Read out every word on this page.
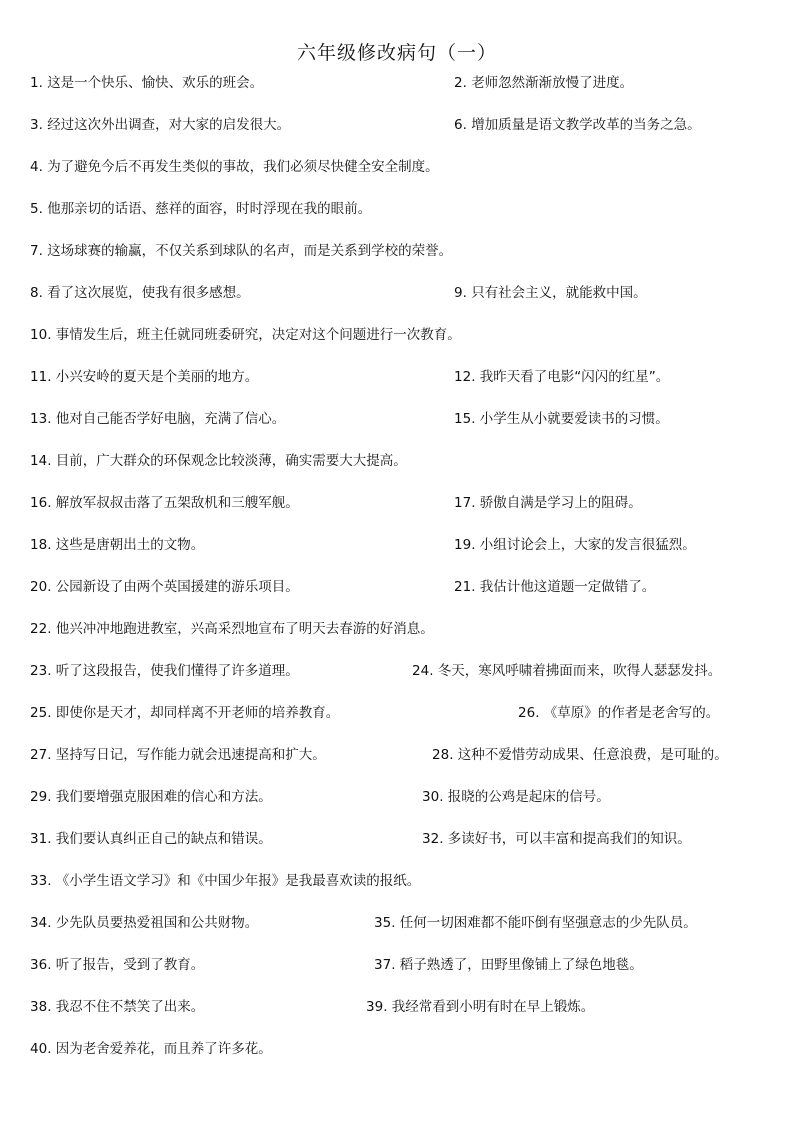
六年级修改病句（一）
1. 这是一个快乐、愉快、欢乐的班会。	2. 老师忽然渐渐放慢了进度。
3. 经过这次外出调查，对大家的启发很大。	6. 增加质量是语文教学改革的当务之急。
4. 为了避免今后不再发生类似的事故，我们必须尽快健全安全制度。
5. 他那亲切的话语、慈祥的面容，时时浮现在我的眼前。
7. 这场球赛的输赢，不仅关系到球队的名声，而是关系到学校的荣誉。
8. 看了这次展览，使我有很多感想。	9. 只有社会主义，就能救中国。
10. 事情发生后，班主任就同班委研究，决定对这个问题进行一次教育。
11. 小兴安岭的夏天是个美丽的地方。	12. 我昨天看了电影“闪闪的红星”。
13. 他对自己能否学好电脑，充满了信心。	15. 小学生从小就要爱读书的习惯。
14. 目前，广大群众的环保观念比较淡薄，确实需要大大提高。
16. 解放军叔叔击落了五架敌机和三艘军舰。	17. 骄傲自满是学习上的阻碍。
18. 这些是唐朝出土的文物。	19. 小组讨论会上，大家的发言很猛烈。
20. 公园新设了由两个英国援建的游乐项目。	21. 我估计他这道题一定做错了。
22. 他兴冲冲地跑进教室，兴高采烈地宣布了明天去春游的好消息。
23. 听了这段报告，使我们懂得了许多道理。	24. 冬天，寒风呼啸着拂面而来，吹得人瑟瑟发抖。
25. 即使你是天才，却同样离不开老师的培养教育。	26. 《草原》的作者是老舍写的。
27. 坚持写日记，写作能力就会迅速提高和扩大。	28. 这种不爱惜劳动成果、任意浪费，是可耻的。
29. 我们要增强克服困难的信心和方法。	30. 报晓的公鸡是起床的信号。
31. 我们要认真纠正自己的缺点和错误。	32. 多读好书，可以丰富和提高我们的知识。
33. 《小学生语文学习》和《中国少年报》是我最喜欢读的报纸。
34. 少先队员要热爱祖国和公共财物。	35. 任何一切困难都不能吓倒有坚强意志的少先队员。
36. 听了报告，受到了教育。	37. 稻子熟透了，田野里像铺上了绿色地毯。
38. 我忍不住不禁笑了出来。	39. 我经常看到小明有时在早上锻炼。
40. 因为老舍爱养花，而且养了许多花。
